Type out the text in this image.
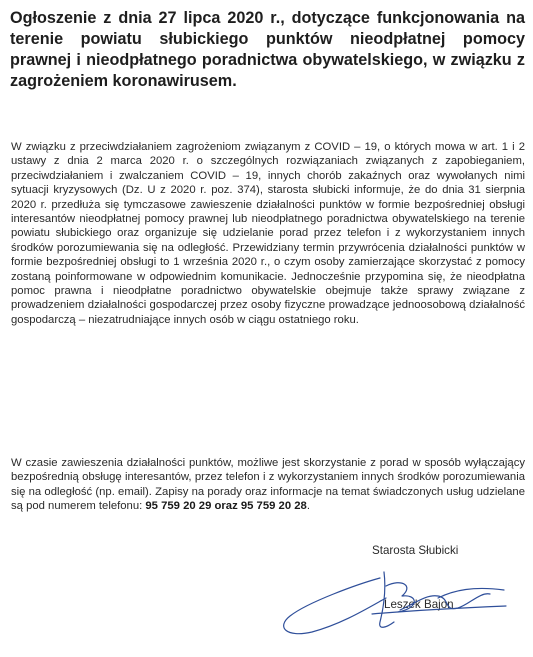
Ogłoszenie z dnia 27 lipca 2020 r., dotyczące funkcjonowania na terenie powiatu słubickiego punktów nieodpłatnej pomocy prawnej i nieodpłatnego poradnictwa obywatelskiego, w związku z zagrożeniem koronawirusem.

W związku z przeciwdziałaniem zagrożeniom związanym z COVID – 19, o których mowa w art. 1 i 2 ustawy z dnia 2 marca 2020 r. o szczególnych rozwiązaniach związanych z zapobieganiem, przeciwdziałaniem i zwalczaniem COVID – 19, innych chorób zakaźnych oraz wywołanych nimi sytuacji kryzysowych (Dz. U z 2020 r. poz. 374), starosta słubicki informuje, że do dnia 31 sierpnia 2020 r. przedłuża się tymczasowe zawieszenie działalności punktów w formie bezpośredniej obsługi interesantów nieodpłatnej pomocy prawnej lub nieodpłatnego poradnictwa obywatelskiego na terenie powiatu słubickiego oraz organizuje się udzielanie porad przez telefon i z wykorzystaniem innych środków porozumiewania się na odległość. Przewidziany termin przywrócenia działalności punktów w formie bezpośredniej obsługi to 1 września 2020 r., o czym osoby zamierzające skorzystać z pomocy zostaną poinformowane w odpowiednim komunikacie. Jednocześnie przypomina się, że nieodpłatna pomoc prawna i nieodpłatne poradnictwo obywatelskie obejmuje także sprawy związane z prowadzeniem działalności gospodarczej przez osoby fizyczne prowadzące jednoosobową działalność gospodarczą – niezatrudniające innych osób w ciągu ostatniego roku.

W czasie zawieszenia działalności punktów, możliwe jest skorzystanie z porad w sposób wyłączający bezpośrednią obsługę interesantów, przez telefon i z wykorzystaniem innych środków porozumiewania się na odległość (np. email). Zapisy na porady oraz informacje na temat świadczonych usług udzielane są pod numerem telefonu: 95 759 20 29 oraz 95 759 20 28.

Starosta Słubicki

Leszek Bajon
